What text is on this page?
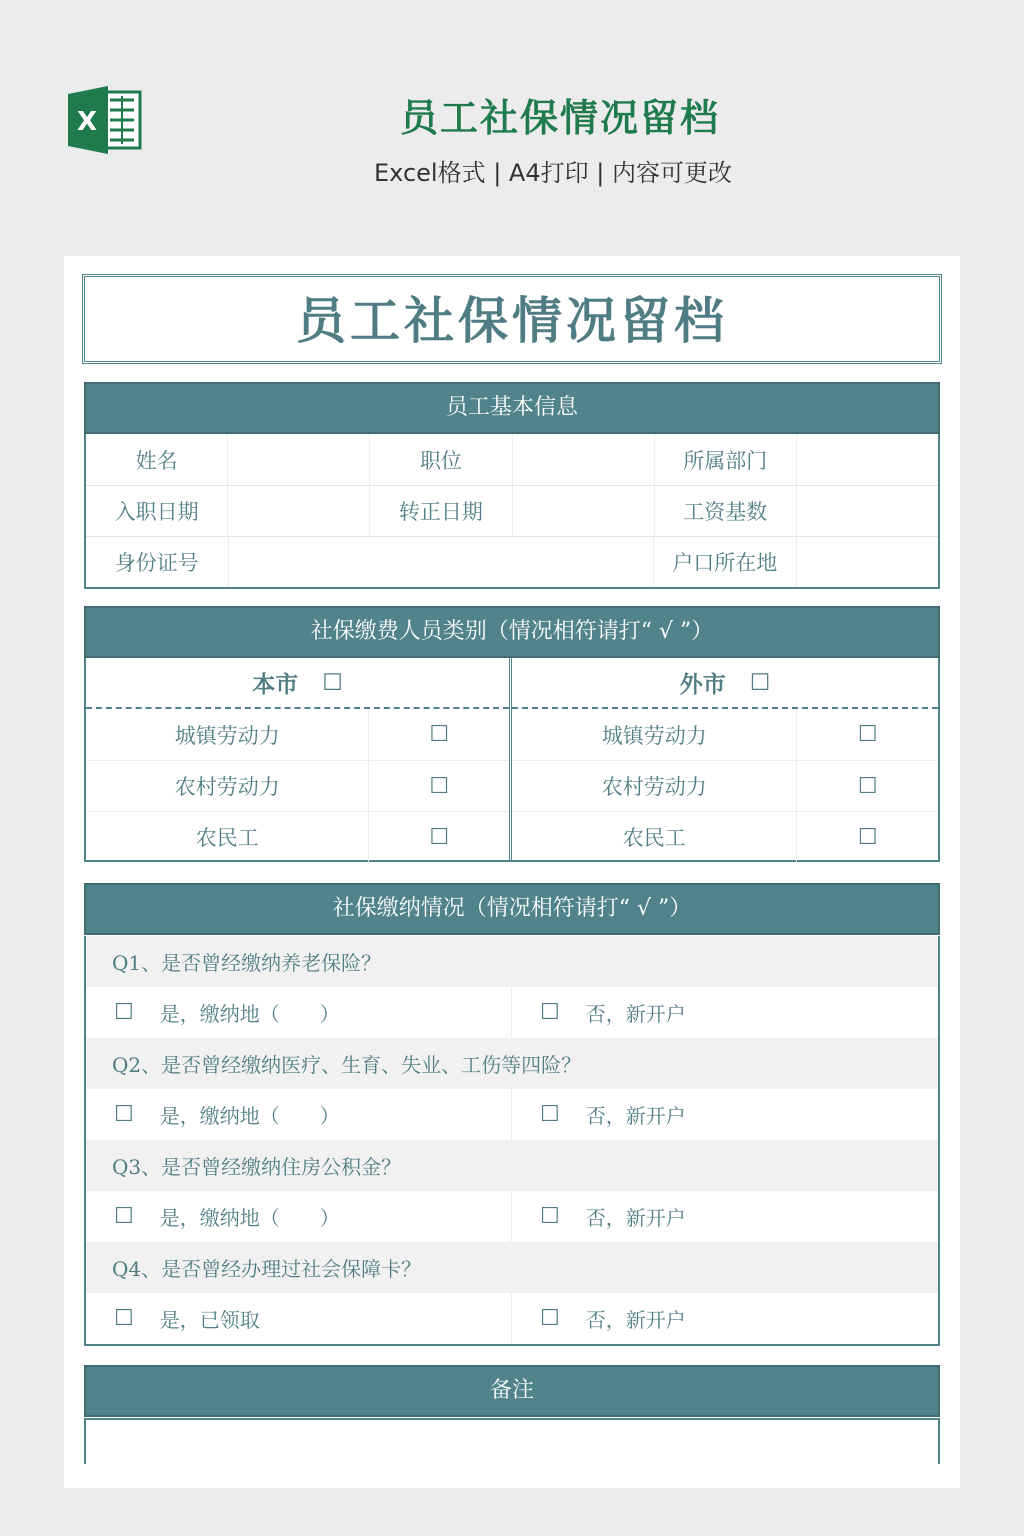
X	员工社保情况留档
Excel格式 | A4打印 | 内容可更改
员工社保情况留档
员工基本信息
姓名	职位	所属部门
入职日期	转正日期	工资基数
身份证号	户口所在地
社保缴费人员类别（情况相符请打“ √ ”）
本市 ☐
城镇劳动力	☐
农村劳动力	☐
农民工	☐
外市 ☐
城镇劳动力	☐
农村劳动力	☐
农民工	☐
社保缴纳情况（情况相符请打“ √ ”）
Q1、是否曾经缴纳养老保险？
☐ 是，缴纳地（　　）	☐ 否，新开户
Q2、是否曾经缴纳医疗、生育、失业、工伤等四险？
☐ 是，缴纳地（　　）	☐ 否，新开户
Q3、是否曾经缴纳住房公积金？
☐ 是，缴纳地（　　）	☐ 否，新开户
Q4、是否曾经办理过社会保障卡？
☐ 是，已领取	☐ 否，新开户
备注
